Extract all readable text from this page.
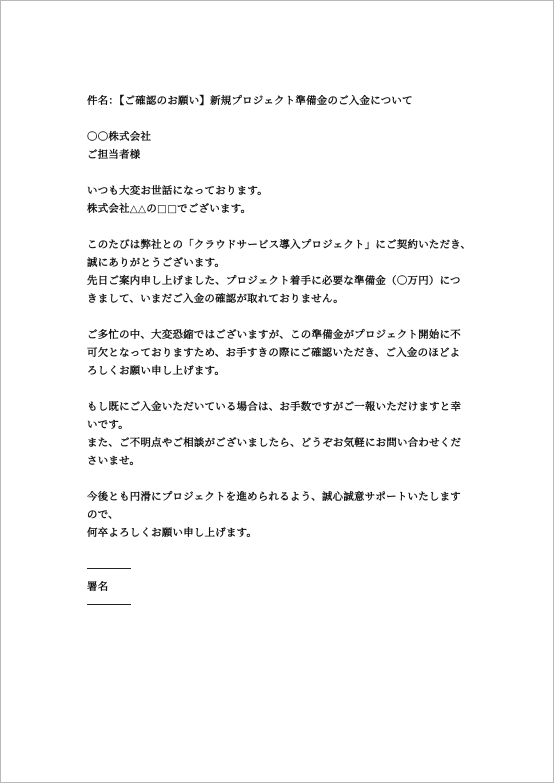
件名：【ご確認のお願い】新規プロジェクト準備金のご入金について
〇〇株式会社
ご担当者様
いつも大変お世話になっております。
株式会社△△の□□でございます。
このたびは弊社との「クラウドサービス導入プロジェクト」にご契約いただき、
誠にありがとうございます。
先日ご案内申し上げました、プロジェクト着手に必要な準備金（〇万円）につ
きまして、いまだご入金の確認が取れておりません。
ご多忙の中、大変恐縮ではございますが、この準備金がプロジェクト開始に不
可欠となっておりますため、お手すきの際にご確認いただき、ご入金のほどよ
ろしくお願い申し上げます。
もし既にご入金いただいている場合は、お手数ですがご一報いただけますと幸
いです。
また、ご不明点やご相談がございましたら、どうぞお気軽にお問い合わせくだ
さいませ。
今後とも円滑にプロジェクトを進められるよう、誠心誠意サポートいたします
ので、
何卒よろしくお願い申し上げます。
署名
